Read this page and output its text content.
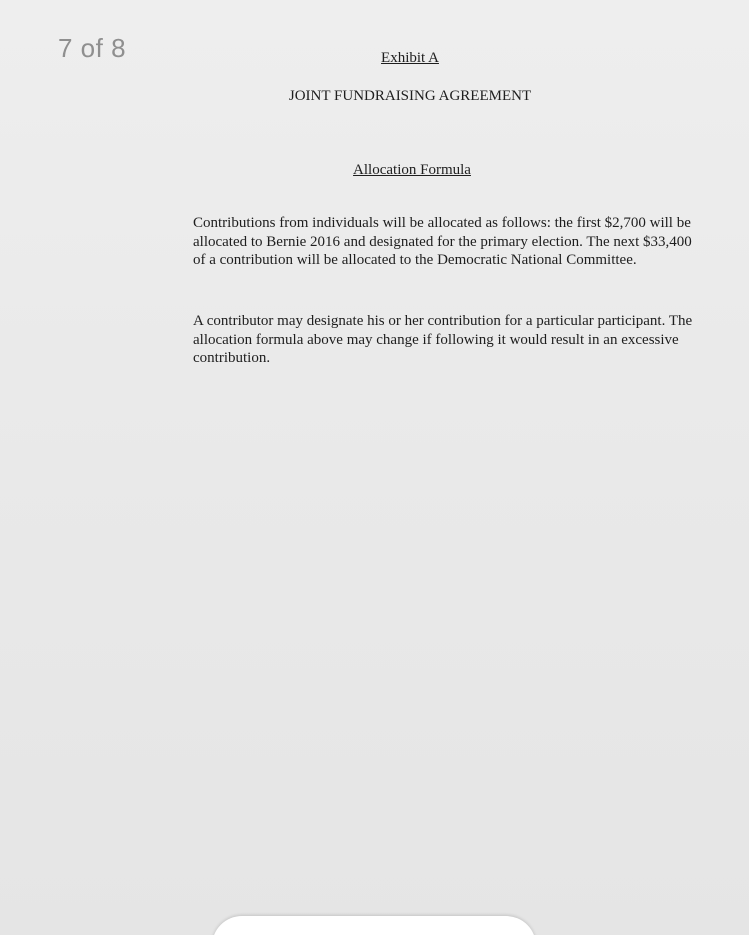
7 of 8	Exhibit A
JOINT FUNDRAISING AGREEMENT
Allocation Formula

Contributions from individuals will be allocated as follows: the first $2,700 will be allocated to Bernie 2016 and designated for the primary election. The next $33,400 of a contribution will be allocated to the Democratic National Committee.

A contributor may designate his or her contribution for a particular participant. The allocation formula above may change if following it would result in an excessive contribution.
